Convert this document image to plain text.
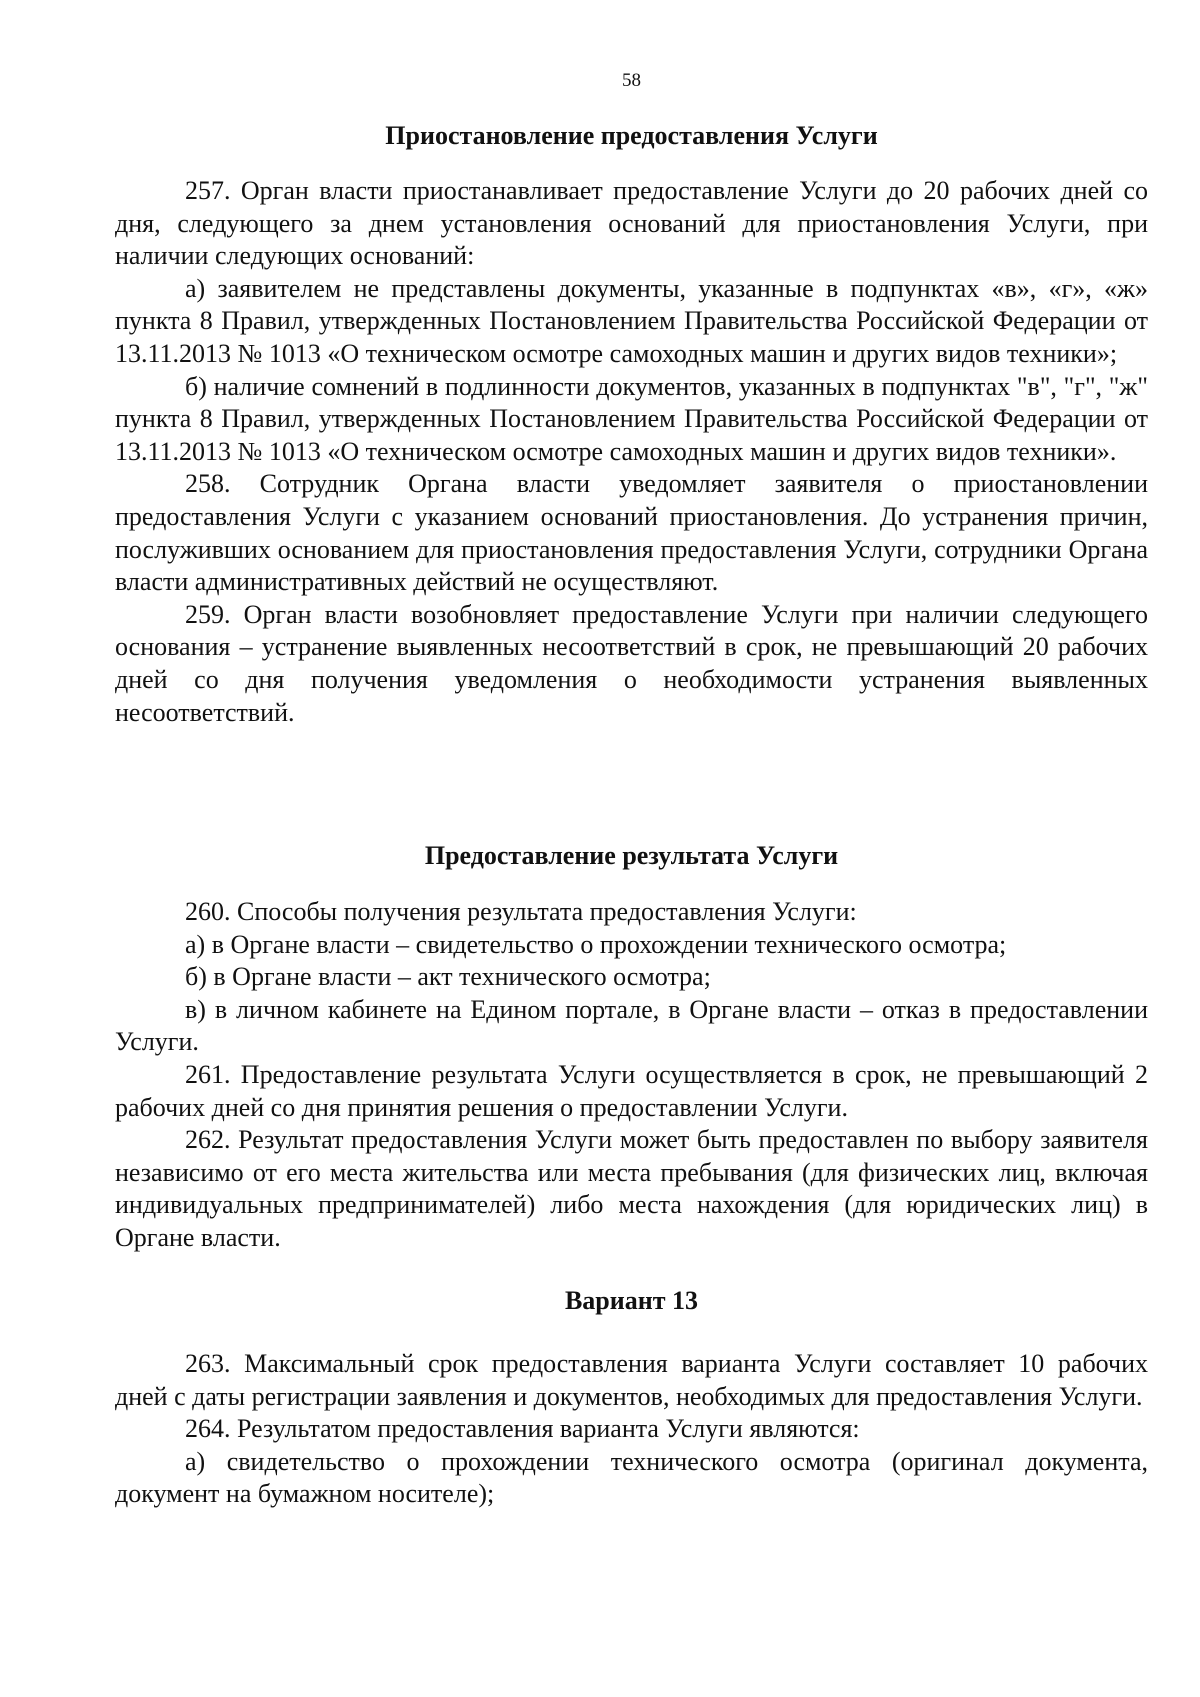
58
Приостановление предоставления Услуги

257. Орган власти приостанавливает предоставление Услуги до 20 рабочих дней со дня, следующего за днем установления оснований для приостановления Услуги, при наличии следующих оснований:

а) заявителем не представлены документы, указанные в подпунктах «в», «г», «ж» пункта 8 Правил, утвержденных Постановлением Правительства Российской Федерации от 13.11.2013 № 1013 «О техническом осмотре самоходных машин и других видов техники»;

б) наличие сомнений в подлинности документов, указанных в подпунктах "в", "г", "ж" пункта 8 Правил, утвержденных Постановлением Правительства Российской Федерации от 13.11.2013 № 1013 «О техническом осмотре самоходных машин и других видов техники».

258. Сотрудник Органа власти уведомляет заявителя о приостановлении предоставления Услуги с указанием оснований приостановления. До устранения причин, послуживших основанием для приостановления предоставления Услуги, сотрудники Органа власти административных действий не осуществляют.

259. Орган власти возобновляет предоставление Услуги при наличии следующего основания – устранение выявленных несоответствий в срок, не превышающий 20 рабочих дней со дня получения уведомления о необходимости устранения выявленных несоответствий.

Предоставление результата Услуги

260. Способы получения результата предоставления Услуги:

а) в Органе власти – свидетельство о прохождении технического осмотра;

б) в Органе власти – акт технического осмотра;

в) в личном кабинете на Едином портале, в Органе власти – отказ в предоставлении Услуги.

261. Предоставление результата Услуги осуществляется в срок, не превышающий 2 рабочих дней со дня принятия решения о предоставлении Услуги.

262. Результат предоставления Услуги может быть предоставлен по выбору заявителя независимо от его места жительства или места пребывания (для физических лиц, включая индивидуальных предпринимателей) либо места нахождения (для юридических лиц) в Органе власти.

Вариант 13

263. Максимальный срок предоставления варианта Услуги составляет 10 рабочих дней с даты регистрации заявления и документов, необходимых для предоставления Услуги.

264. Результатом предоставления варианта Услуги являются:

а) свидетельство о прохождении технического осмотра (оригинал документа, документ на бумажном носителе);
